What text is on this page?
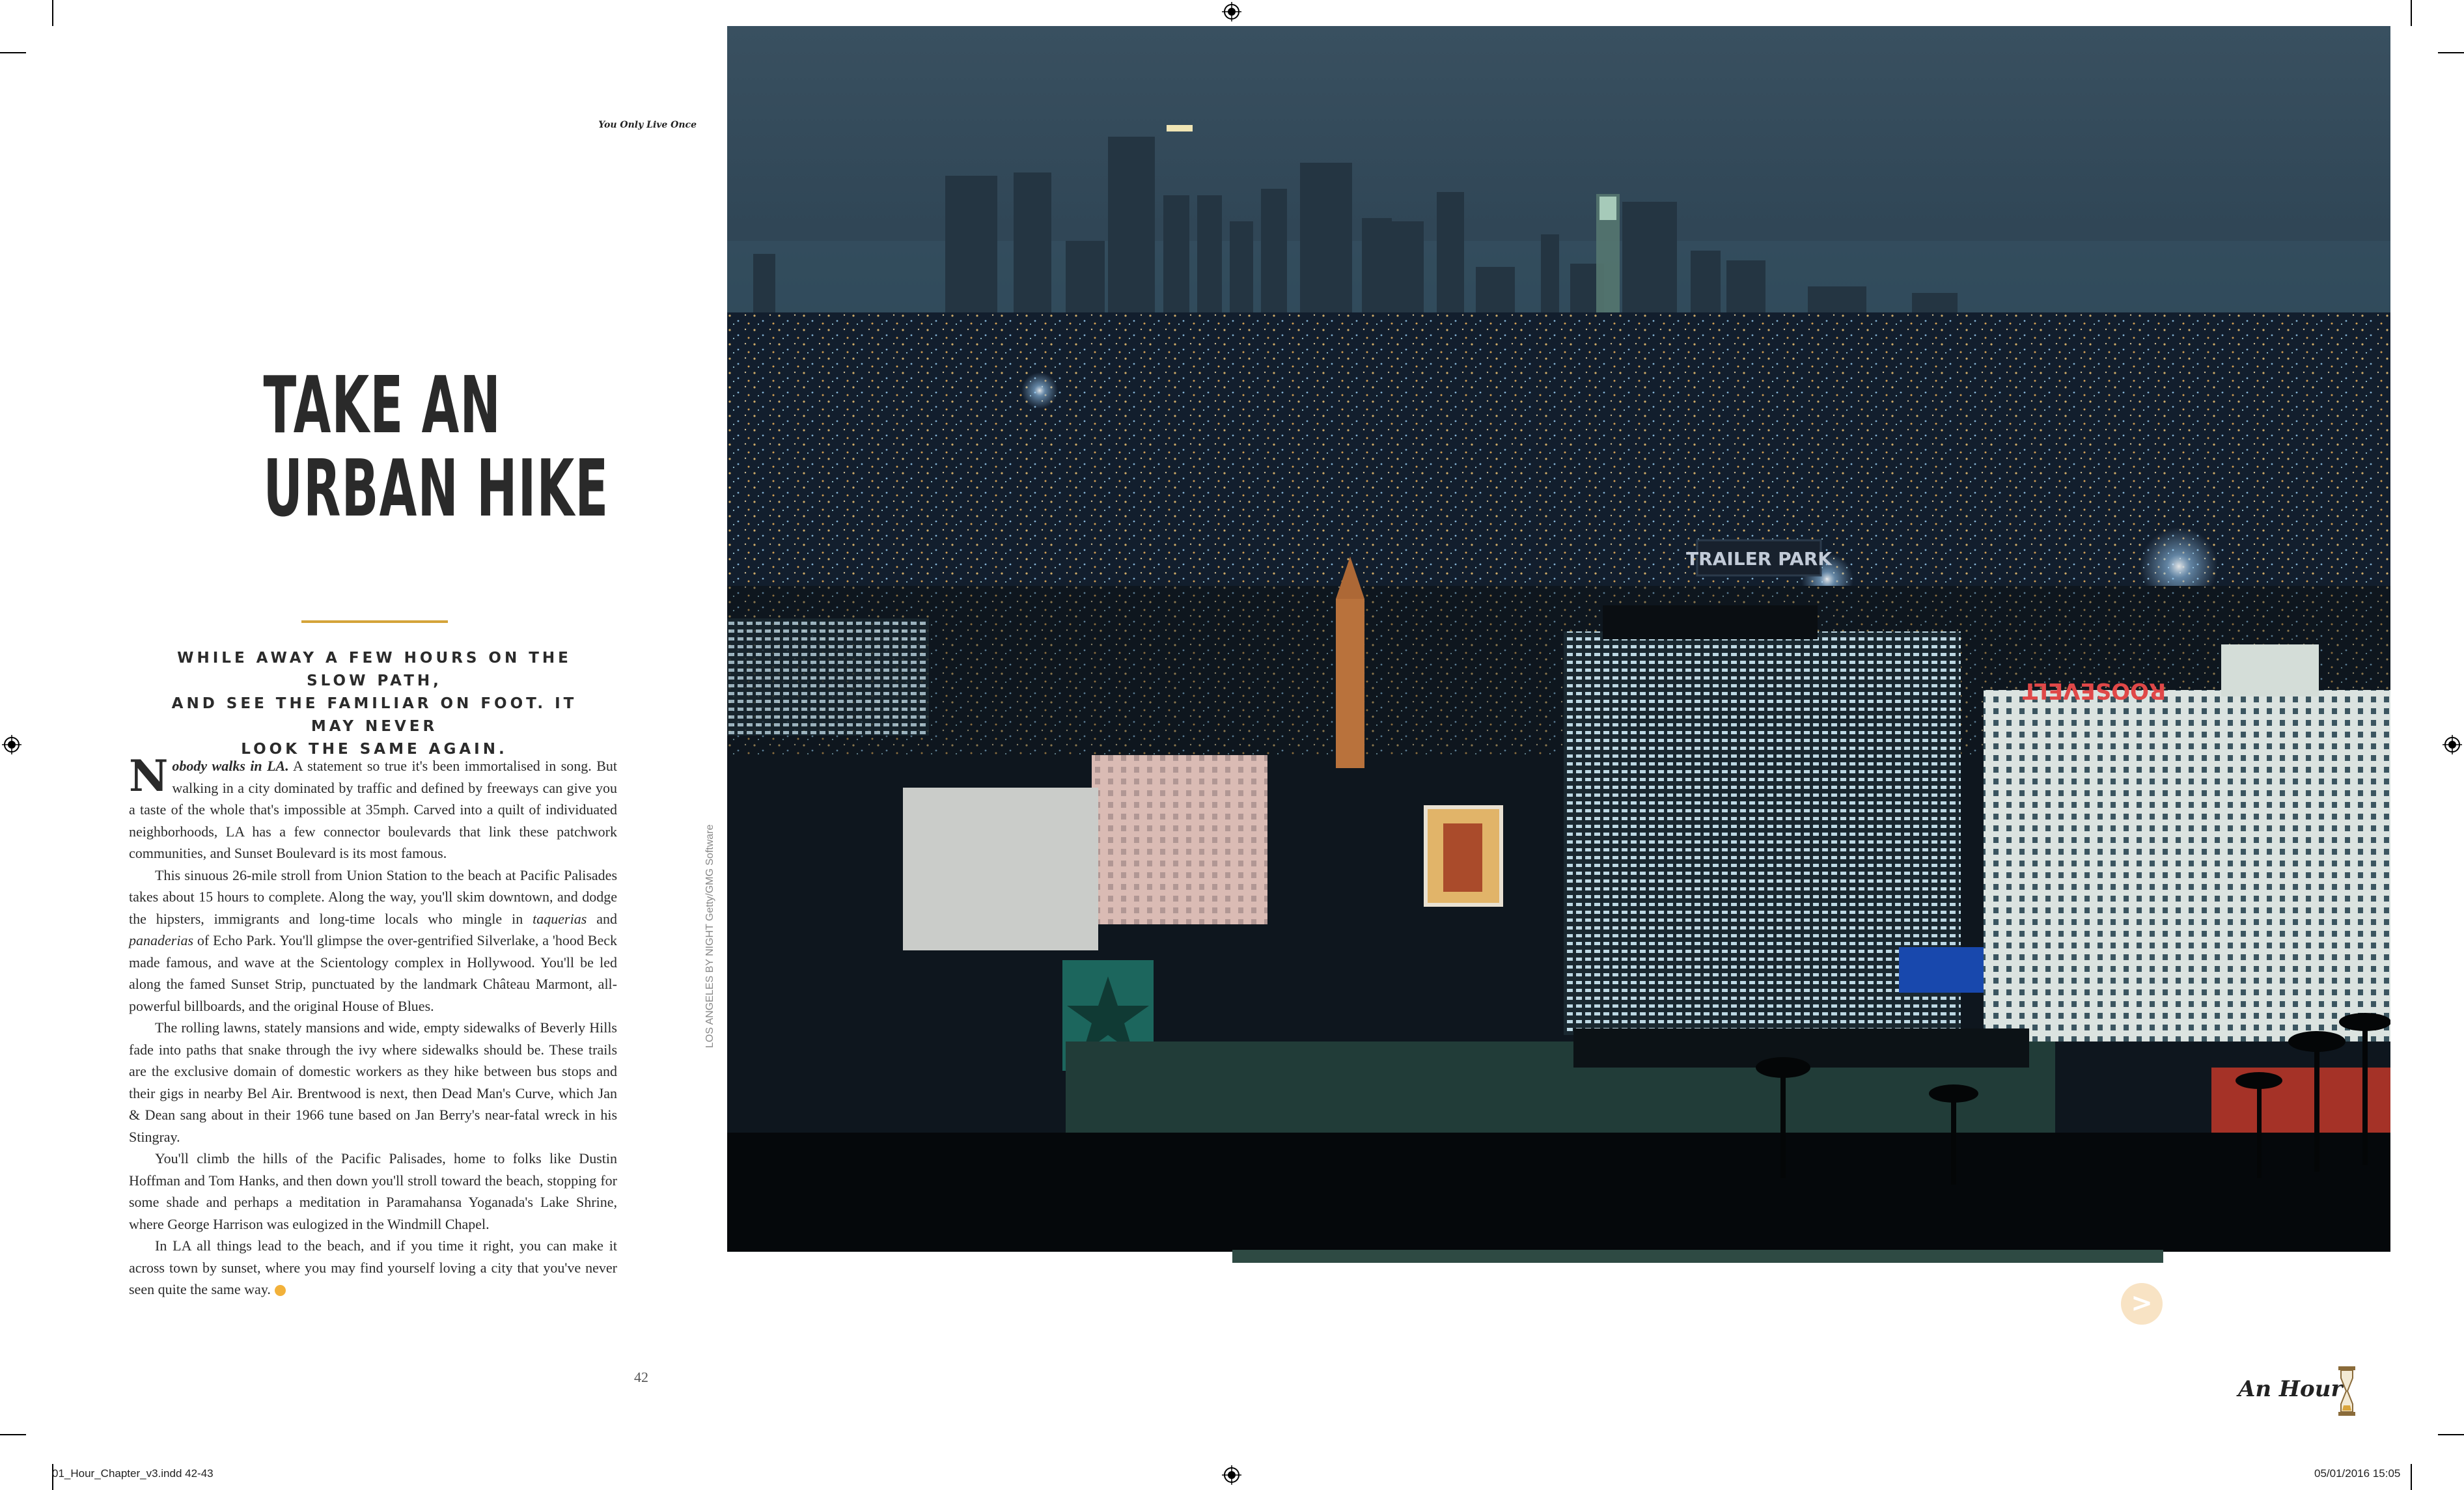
You Only Live Once
TAKE AN
URBAN HIKE
WHILE AWAY A FEW HOURS ON THE SLOW PATH,
AND SEE THE FAMILIAR ON FOOT. IT MAY NEVER
LOOK THE SAME AGAIN.

Nobody walks in LA. A statement so true it's been immortalised in song. But walking in a city dominated by traffic and defined by freeways can give you a taste of the whole that's impossible at 35mph. Carved into a quilt of individuated neighborhoods, LA has a few connector boulevards that link these patchwork communities, and Sunset Boulevard is its most famous.

This sinuous 26-mile stroll from Union Station to the beach at Pacific Palisades takes about 15 hours to complete. Along the way, you'll skim downtown, and dodge the hipsters, immigrants and long-time locals who mingle in taquerias and panaderias of Echo Park. You'll glimpse the over-gentrified Silverlake, a 'hood Beck made famous, and wave at the Scientology complex in Hollywood. You'll be led along the famed Sunset Strip, punctuated by the landmark Château Marmont, all-powerful billboards, and the original House of Blues.

The rolling lawns, stately mansions and wide, empty sidewalks of Beverly Hills fade into paths that snake through the ivy where sidewalks should be. These trails are the exclusive domain of domestic workers as they hike between bus stops and their gigs in nearby Bel Air. Brentwood is next, then Dead Man's Curve, which Jan & Dean sang about in their 1966 tune based on Jan Berry's near-fatal wreck in his Stingray.

You'll climb the hills of the Pacific Palisades, home to folks like Dustin Hoffman and Tom Hanks, and then down you'll stroll toward the beach, stopping for some shade and perhaps a meditation in Paramahansa Yoganada's Lake Shrine, where George Harrison was eulogized in the Windmill Chapel.

In LA all things lead to the beach, and if you time it right, you can make it across town by sunset, where you may find yourself loving a city that you've never seen quite the same way.

42
LOS ANGELES BY NIGHT Getty/GMG Software
TRAILER PARK
ROOSEVELT
>
An Hour
01_Hour_Chapter_v3.indd 42-43	05/01/2016 15:05
